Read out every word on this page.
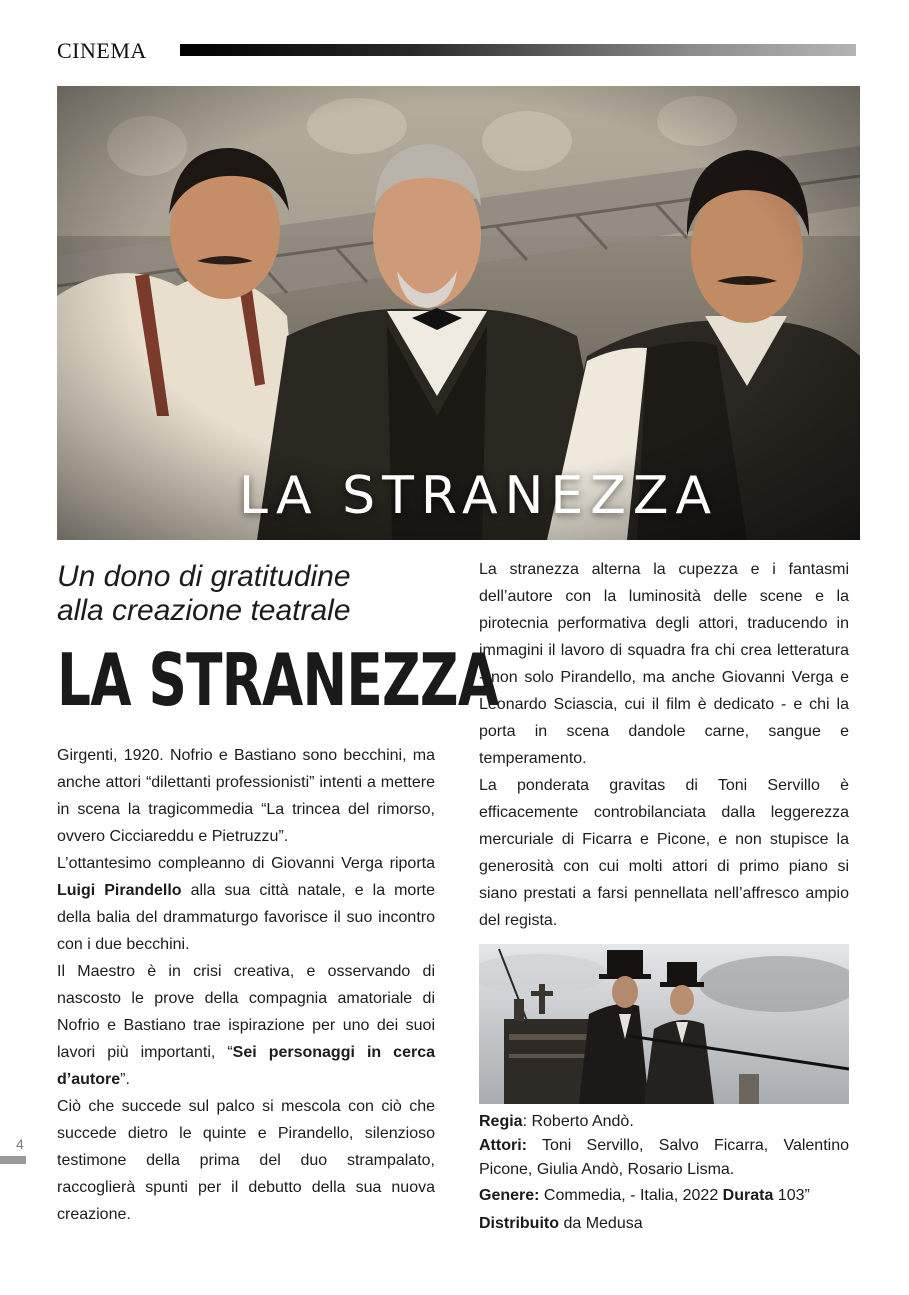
CINEMA
LA STRANEZZA
Un dono di gratitudine
alla creazione teatrale
LA STRANEZZA

Girgenti, 1920. Nofrio e Bastiano sono becchini, ma anche attori “dilettanti professionisti” intenti a mettere in scena la tragicommedia “La trincea del rimorso, ovvero Cicciareddu e Pietruzzu”.

L’ottantesimo compleanno di Giovanni Verga riporta Luigi Pirandello alla sua città natale, e la morte della balia del drammaturgo favorisce il suo incontro con i due becchini.

Il Maestro è in crisi creativa, e osservando di nascosto le prove della compagnia amatoriale di Nofrio e Bastiano trae ispirazione per uno dei suoi lavori più importanti, “Sei personaggi in cerca d’autore”.

Ciò che succede sul palco si mescola con ciò che succede dietro le quinte e Pirandello, silenzioso testimone della prima del duo strampalato, raccoglierà spunti per il debutto della sua nuova creazione.

La stranezza alterna la cupezza e i fantasmi dell’autore con la luminosità delle scene e la pirotecnia performativa degli attori, traducendo in immagini il lavoro di squadra fra chi crea letteratura - non solo Pirandello, ma anche Giovanni Verga e Leonardo Sciascia, cui il film è dedicato - e chi la porta in scena dandole carne, sangue e temperamento.

La ponderata gravitas di Toni Servillo è efficacemente controbilanciata dalla leggerezza mercuriale di Ficarra e Picone, e non stupisce la generosità con cui molti attori di primo piano si siano prestati a farsi pennellata nell’affresco ampio del regista.

Regia: Roberto Andò.
Attori: Toni Servillo, Salvo Ficarra, Valentino Picone, Giulia Andò, Rosario Lisma.
Genere: Commedia, - Italia, 2022 Durata 103”
Distribuito da Medusa
4
